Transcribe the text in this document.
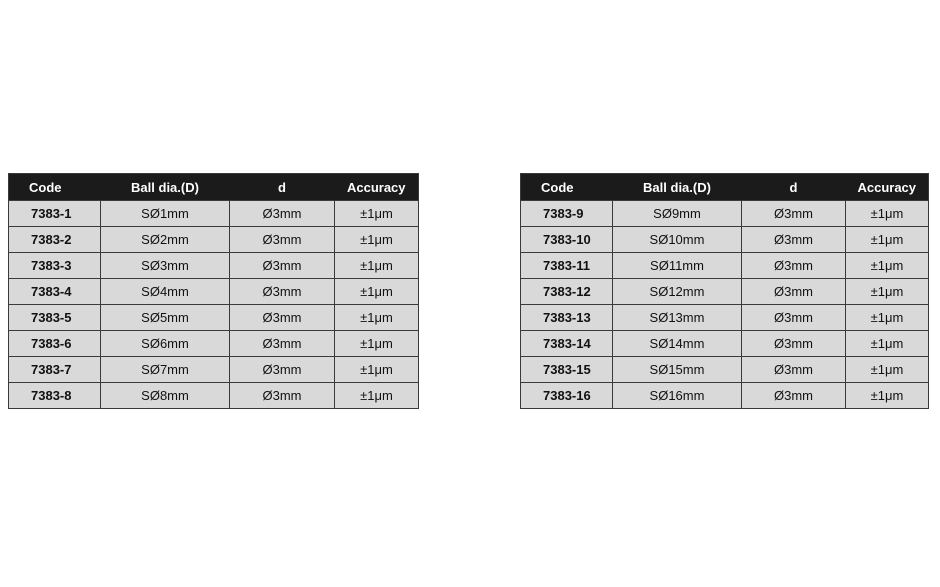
Code	Ball dia.(D)	d	Accuracy
7383-1	SØ1mm	Ø3mm	±1μm
7383-2	SØ2mm	Ø3mm	±1μm
7383-3	SØ3mm	Ø3mm	±1μm
7383-4	SØ4mm	Ø3mm	±1μm
7383-5	SØ5mm	Ø3mm	±1μm
7383-6	SØ6mm	Ø3mm	±1μm
7383-7	SØ7mm	Ø3mm	±1μm
7383-8	SØ8mm	Ø3mm	±1μm
Code	Ball dia.(D)	d	Accuracy
7383-9	SØ9mm	Ø3mm	±1μm
7383-10	SØ10mm	Ø3mm	±1μm
7383-11	SØ11mm	Ø3mm	±1μm
7383-12	SØ12mm	Ø3mm	±1μm
7383-13	SØ13mm	Ø3mm	±1μm
7383-14	SØ14mm	Ø3mm	±1μm
7383-15	SØ15mm	Ø3mm	±1μm
7383-16	SØ16mm	Ø3mm	±1μm
